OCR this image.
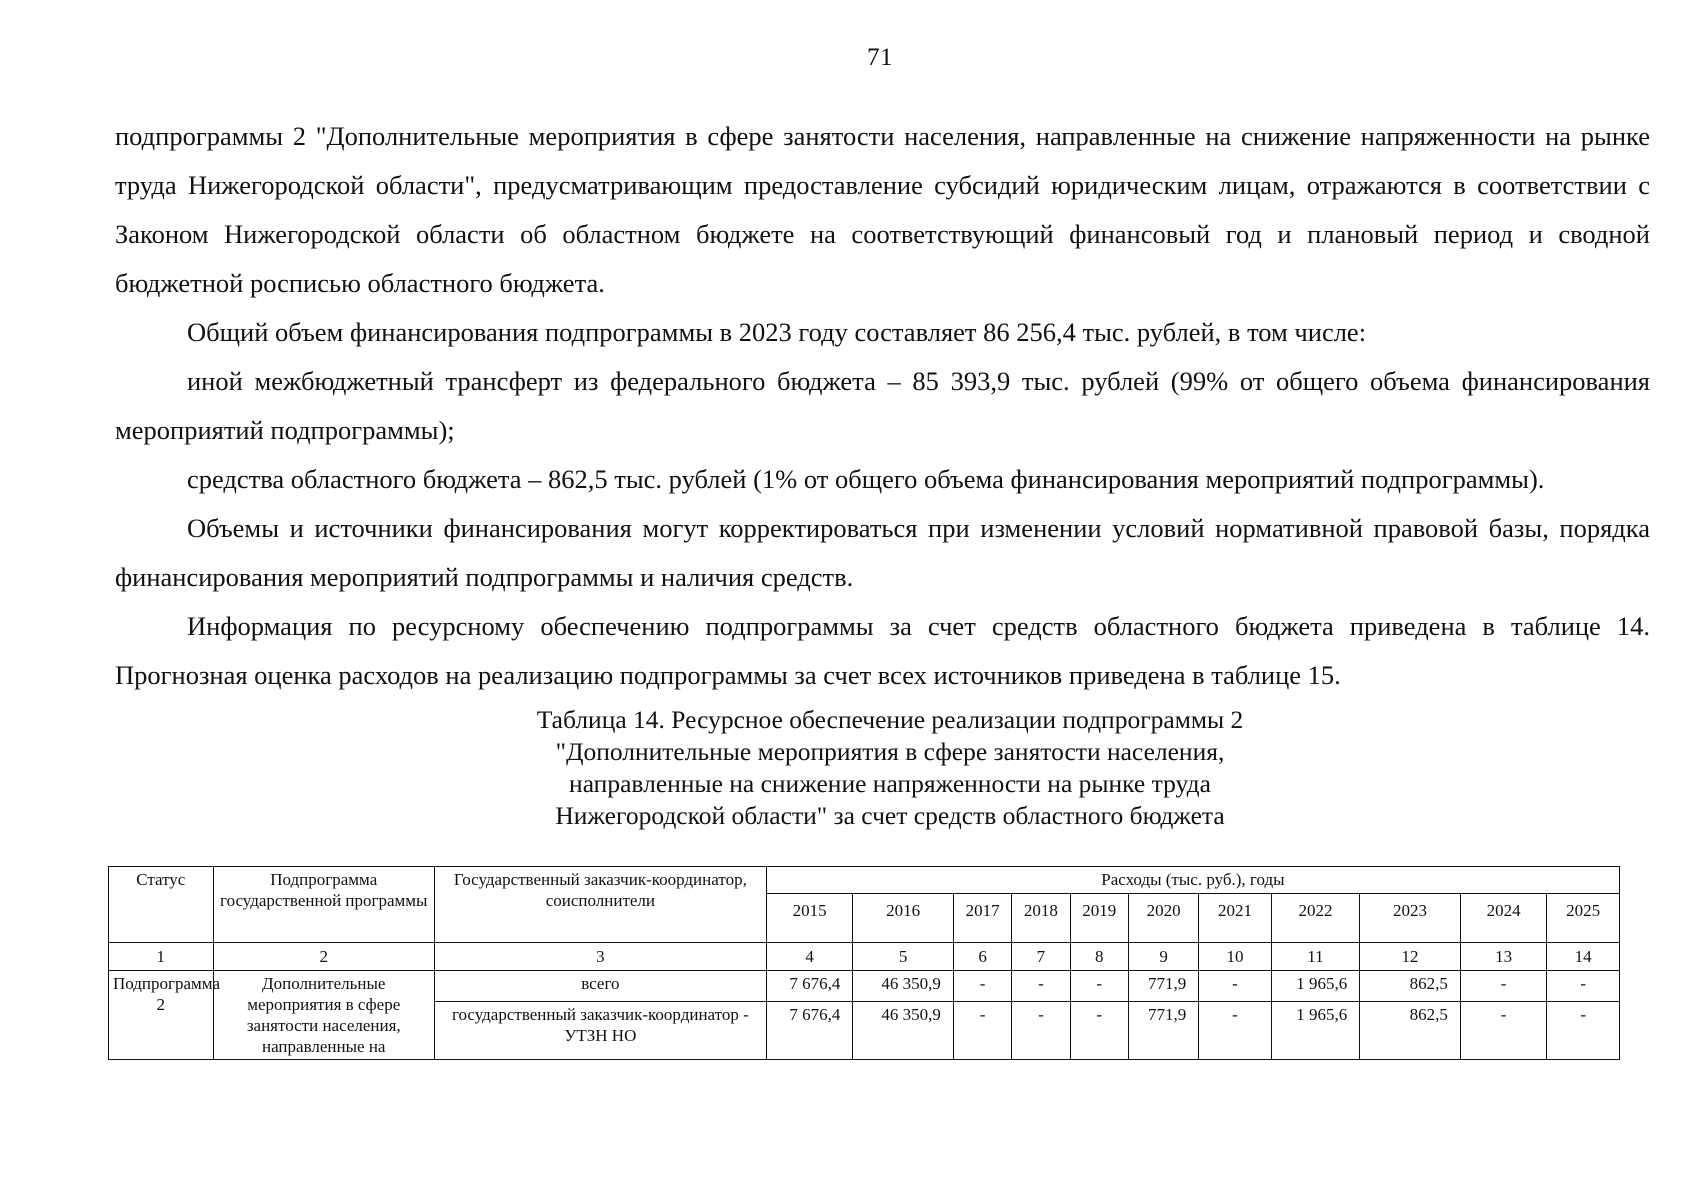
71

подпрограммы 2 "Дополнительные мероприятия в сфере занятости населения, направленные на снижение напряженности на рынке труда Нижегородской области", предусматривающим предоставление субсидий юридическим лицам, отражаются в соответствии с Законом Нижегородской области об областном бюджете на соответствующий финансовый год и плановый период и сводной бюджетной росписью областного бюджета.

Общий объем финансирования подпрограммы в 2023 году составляет 86 256,4 тыс. рублей, в том числе:

иной межбюджетный трансферт из федерального бюджета – 85 393,9 тыс. рублей (99% от общего объема финансирования мероприятий подпрограммы);

средства областного бюджета – 862,5 тыс. рублей (1% от общего объема финансирования мероприятий подпрограммы).

Объемы и источники финансирования могут корректироваться при изменении условий нормативной правовой базы, порядка финансирования мероприятий подпрограммы и наличия средств.

Информация по ресурсному обеспечению подпрограммы за счет средств областного бюджета приведена в таблице 14. Прогнозная оценка расходов на реализацию подпрограммы за счет всех источников приведена в таблице 15.

Таблица 14. Ресурсное обеспечение реализации подпрограммы 2
"Дополнительные мероприятия в сфере занятости населения,
направленные на снижение напряженности на рынке труда
Нижегородской области" за счет средств областного бюджета
Статус	Подпрограмма государственной программы	Государственный заказчик-координатор, соисполнители	Расходы (тыс. руб.), годы										
			2015	2016	2017	2018	2019	2020	2021	2022	2023	2024	2025
1	2	3	4	5	6	7	8	9	10	11	12	13	14
Подпрограмма 2	Дополнительные мероприятия в сфере занятости населения, направленные на	всего	7 676,4	46 350,9	-	-	-	771,9	-	1 965,6	862,5	-	-
		государственный заказчик-координатор - УТЗН НО	7 676,4	46 350,9	-	-	-	771,9	-	1 965,6	862,5	-	-
